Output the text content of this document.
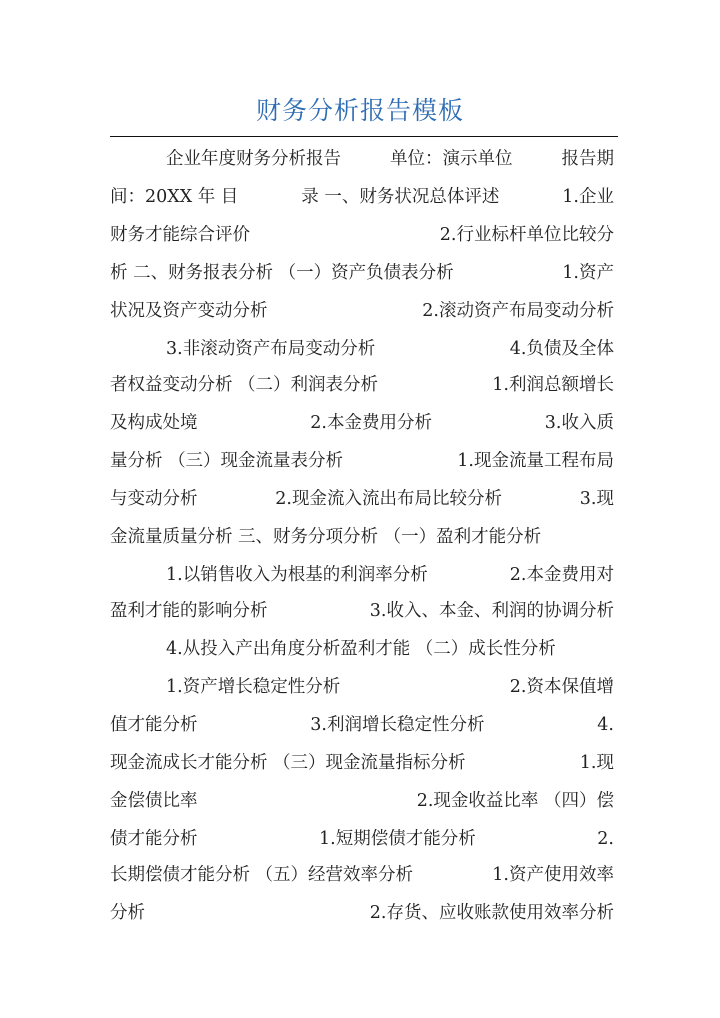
财务分析报告模板
企业年度财务分析报告	单位：演示单位	报告期
间：20XX 年 目	录 一、财务状况总体评述	1.企业
财务才能综合评价	2.行业标杆单位比较分
析 二、财务报表分析 （一）资产负债表分析	1.资产
状况及资产变动分析	2.滚动资产布局变动分析
3.非滚动资产布局变动分析	4.负债及全体
者权益变动分析 （二）利润表分析	1.利润总额增长
及构成处境	2.本金费用分析	3.收入质
量分析 （三）现金流量表分析	1.现金流量工程布局
与变动分析	2.现金流入流出布局比较分析	3.现
金流量质量分析 三、财务分项分析 （一）盈利才能分析
1.以销售收入为根基的利润率分析	2.本金费用对
盈利才能的影响分析	3.收入、本金、利润的协调分析
4.从投入产出角度分析盈利才能 （二）成长性分析
1.资产增长稳定性分析	2.资本保值增
值才能分析	3.利润增长稳定性分析	4.
现金流成长才能分析 （三）现金流量指标分析	1.现
金偿债比率	2.现金收益比率 （四）偿
债才能分析	1.短期偿债才能分析	2.
长期偿债才能分析 （五）经营效率分析	1.资产使用效率
分析	2.存货、应收账款使用效率分析
